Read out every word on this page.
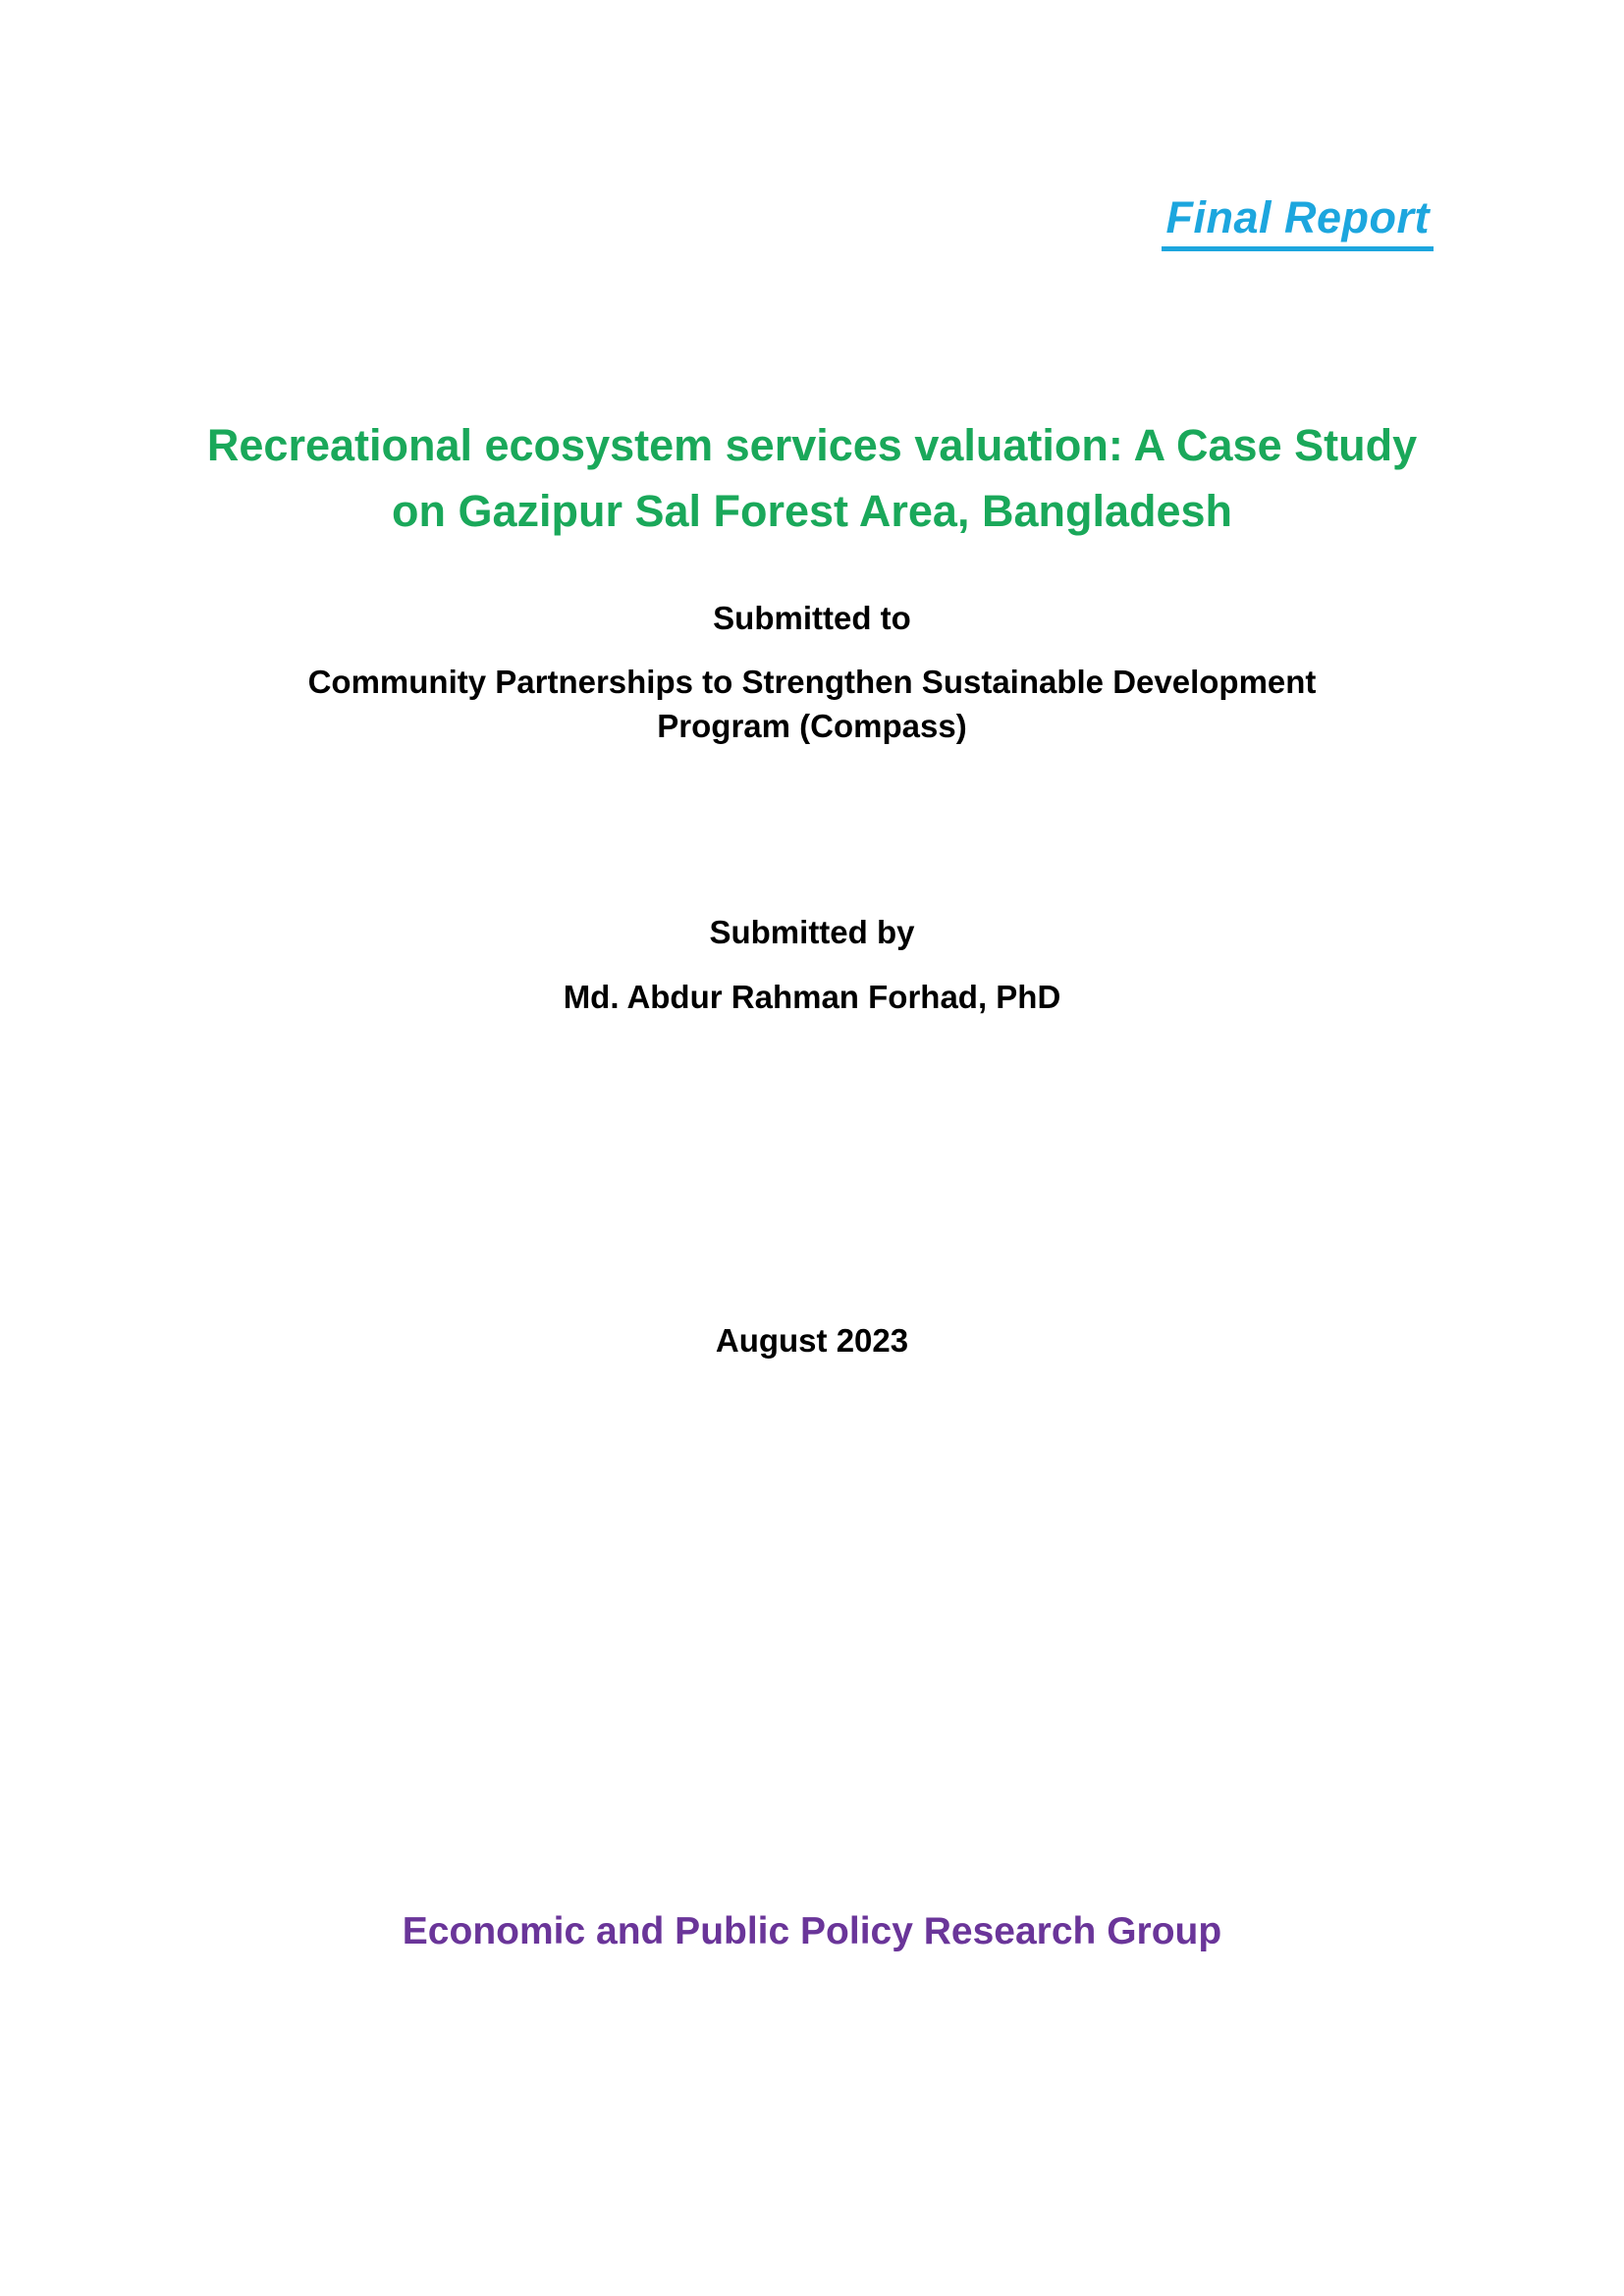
Final Report
Recreational ecosystem services valuation: A Case Study
on Gazipur Sal Forest Area, Bangladesh
Submitted to
Community Partnerships to Strengthen Sustainable Development
Program (Compass)
Submitted by
Md. Abdur Rahman Forhad, PhD
August 2023
Economic and Public Policy Research Group
